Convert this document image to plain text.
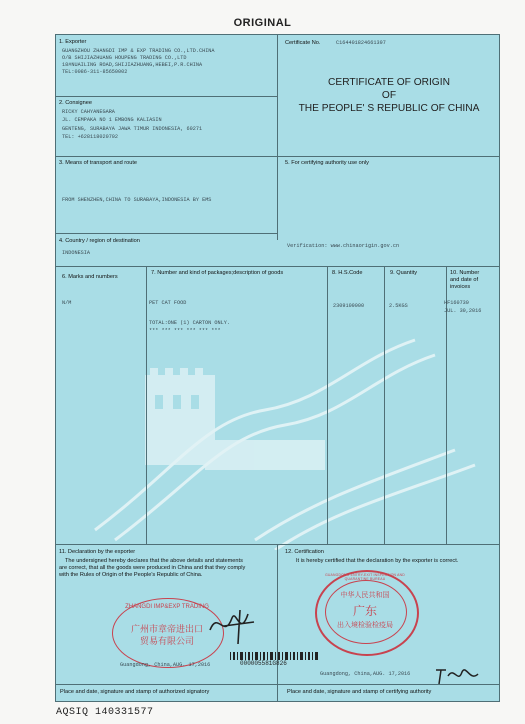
ORIGINAL
1. Exporter
GUANGZHOU ZHANGDI IMP & EXP TRADING CO.,LTD.CHINA
O/B SHIJIAZHUANG HOUPENG TRADING CO.,LTD
18#NUAILING ROAD,SHIJIAZHUANG,HEBEI,P.R.CHINA
TEL:0086-311-85650002
Certificate No.	C164401824661397
CERTIFICATE OF ORIGIN
OF
THE PEOPLE' S REPUBLIC OF CHINA
2. Consignee
RICKY CAHYANEGARA
JL. CEMPAKA NO 1 EMBONG KALIASIN
GENTENG, SURABAYA JAWA TIMUR INDONESIA, 60271
TEL: +628118020702
3. Means of transport and route
FROM SHENZHEN,CHINA TO SURABAYA,INDONESIA BY EMS
5. For certifying authority use only
Verification: www.chinaorigin.gov.cn
4. Country / region of destination
INDONESIA
6. Marks and numbers
7. Number and kind of packages;description of goods	8. H.S.Code	9. Quantity	10. Number
and date of
invoices
N/M	PET CAT FOOD
TOTAL:ONE (1) CARTON ONLY.
*** *** *** *** *** ***
2309109000	2.5KGS	HF160730
JUL. 30,2016
11. Declaration by the exporter
The undersigned hereby declares that the above details and statements
are correct, that all the goods were produced in China and that they comply
with the Rules of Origin of the People's Republic of China.
ZHANGDI IMP&EXP TRADING
广州市章帝进出口
贸易有限公司
Guangdong, China,AUG. 17,2016	000005581G826
Place and date, signature and stamp of authorized signatory
12. Certification
It is hereby certified that the declaration by the exporter is correct.
GUANGDONG ENTRY-EXIT INSPECTION AND QUARANTINE BUREAU
中华人民共和国
广东
出入境检验检疫局
Guangdong, China,AUG. 17,2016
Place and date, signature and stamp of certifying authority
AQSIQ 140331577
